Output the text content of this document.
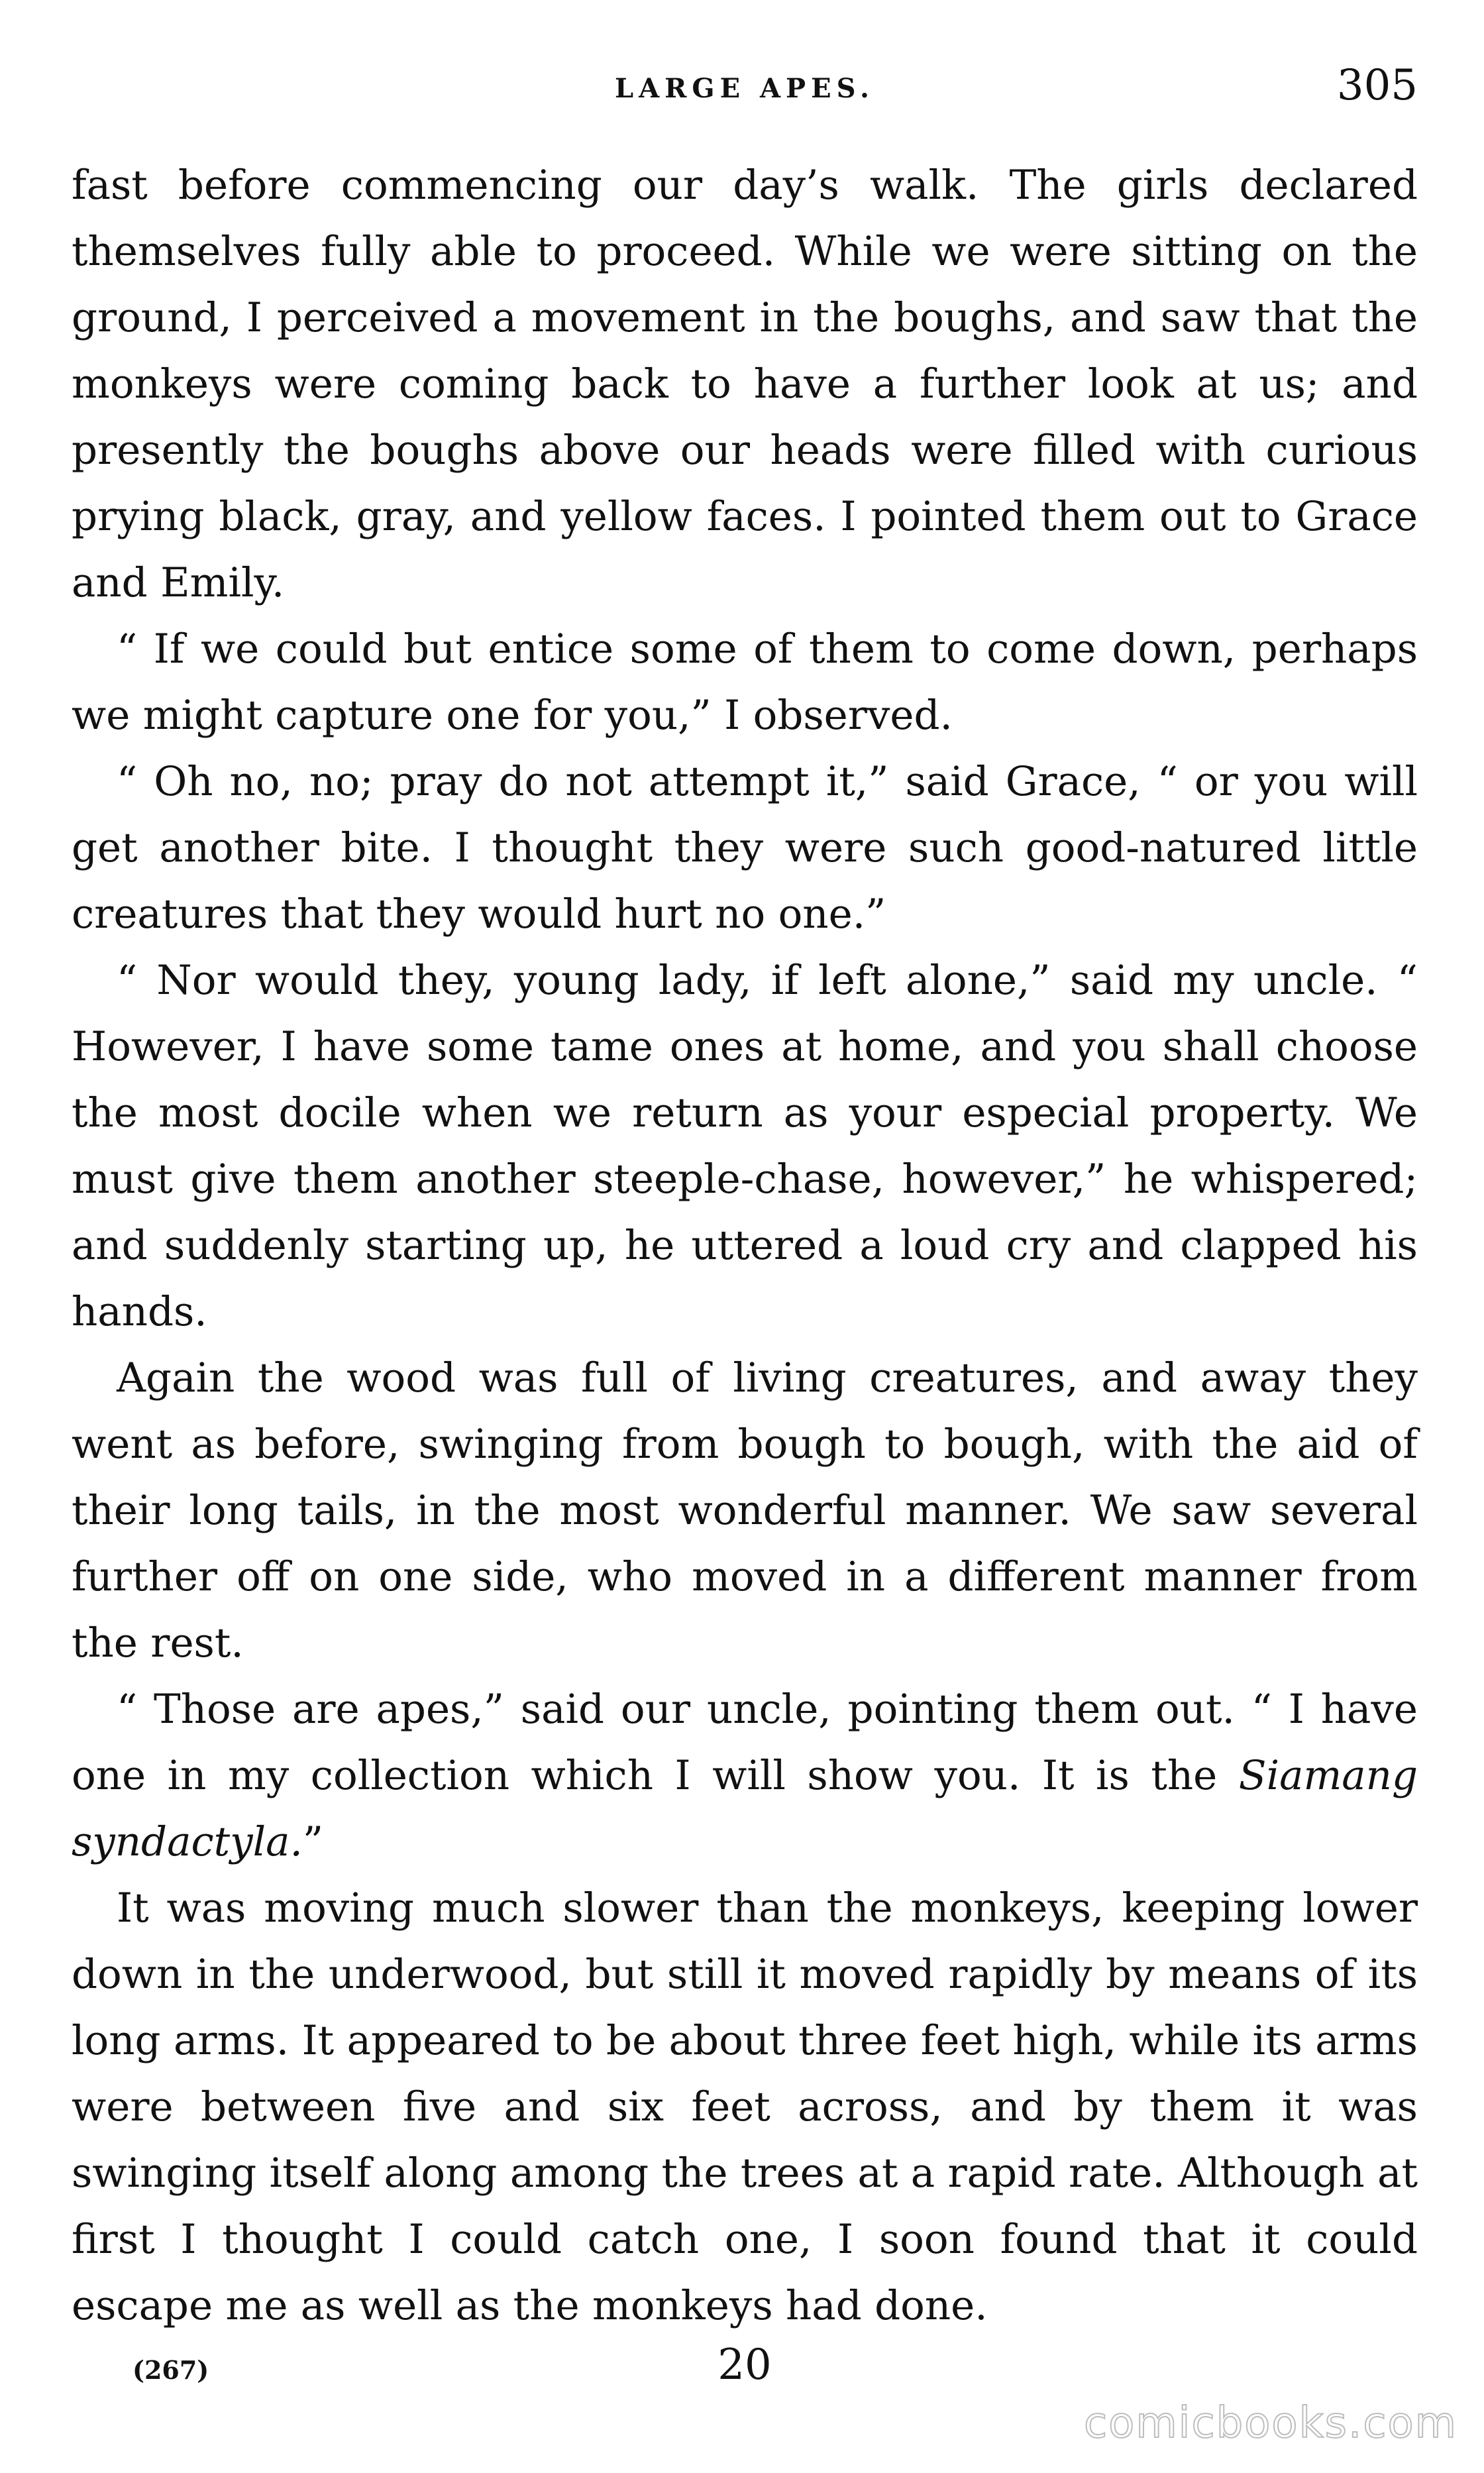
LARGE APES.	305

fast before commencing our day’s walk. The girls declared themselves fully able to proceed. While we were sitting on the ground, I perceived a movement in the boughs, and saw that the monkeys were coming back to have a further look at us; and presently the boughs above our heads were filled with curious prying black, gray, and yellow faces. I pointed them out to Grace and Emily.

“ If we could but entice some of them to come down, perhaps we might capture one for you,” I observed.

“ Oh no, no; pray do not attempt it,” said Grace, “ or you will get another bite. I thought they were such good-natured little creatures that they would hurt no one.”

“ Nor would they, young lady, if left alone,” said my uncle. “ However, I have some tame ones at home, and you shall choose the most docile when we return as your especial property. We must give them another steeple-chase, however,” he whispered; and suddenly starting up, he uttered a loud cry and clapped his hands.

Again the wood was full of living creatures, and away they went as before, swinging from bough to bough, with the aid of their long tails, in the most wonderful manner. We saw several further off on one side, who moved in a different manner from the rest.

“ Those are apes,” said our uncle, pointing them out. “ I have one in my collection which I will show you. It is the Siamang syndactyla.”

It was moving much slower than the monkeys, keeping lower down in the underwood, but still it moved rapidly by means of its long arms. It appeared to be about three feet high, while its arms were between five and six feet across, and by them it was swinging itself along among the trees at a rapid rate. Although at first I thought I could catch one, I soon found that it could escape me as well as the monkeys had done.

(267)	20
comicbooks.com
